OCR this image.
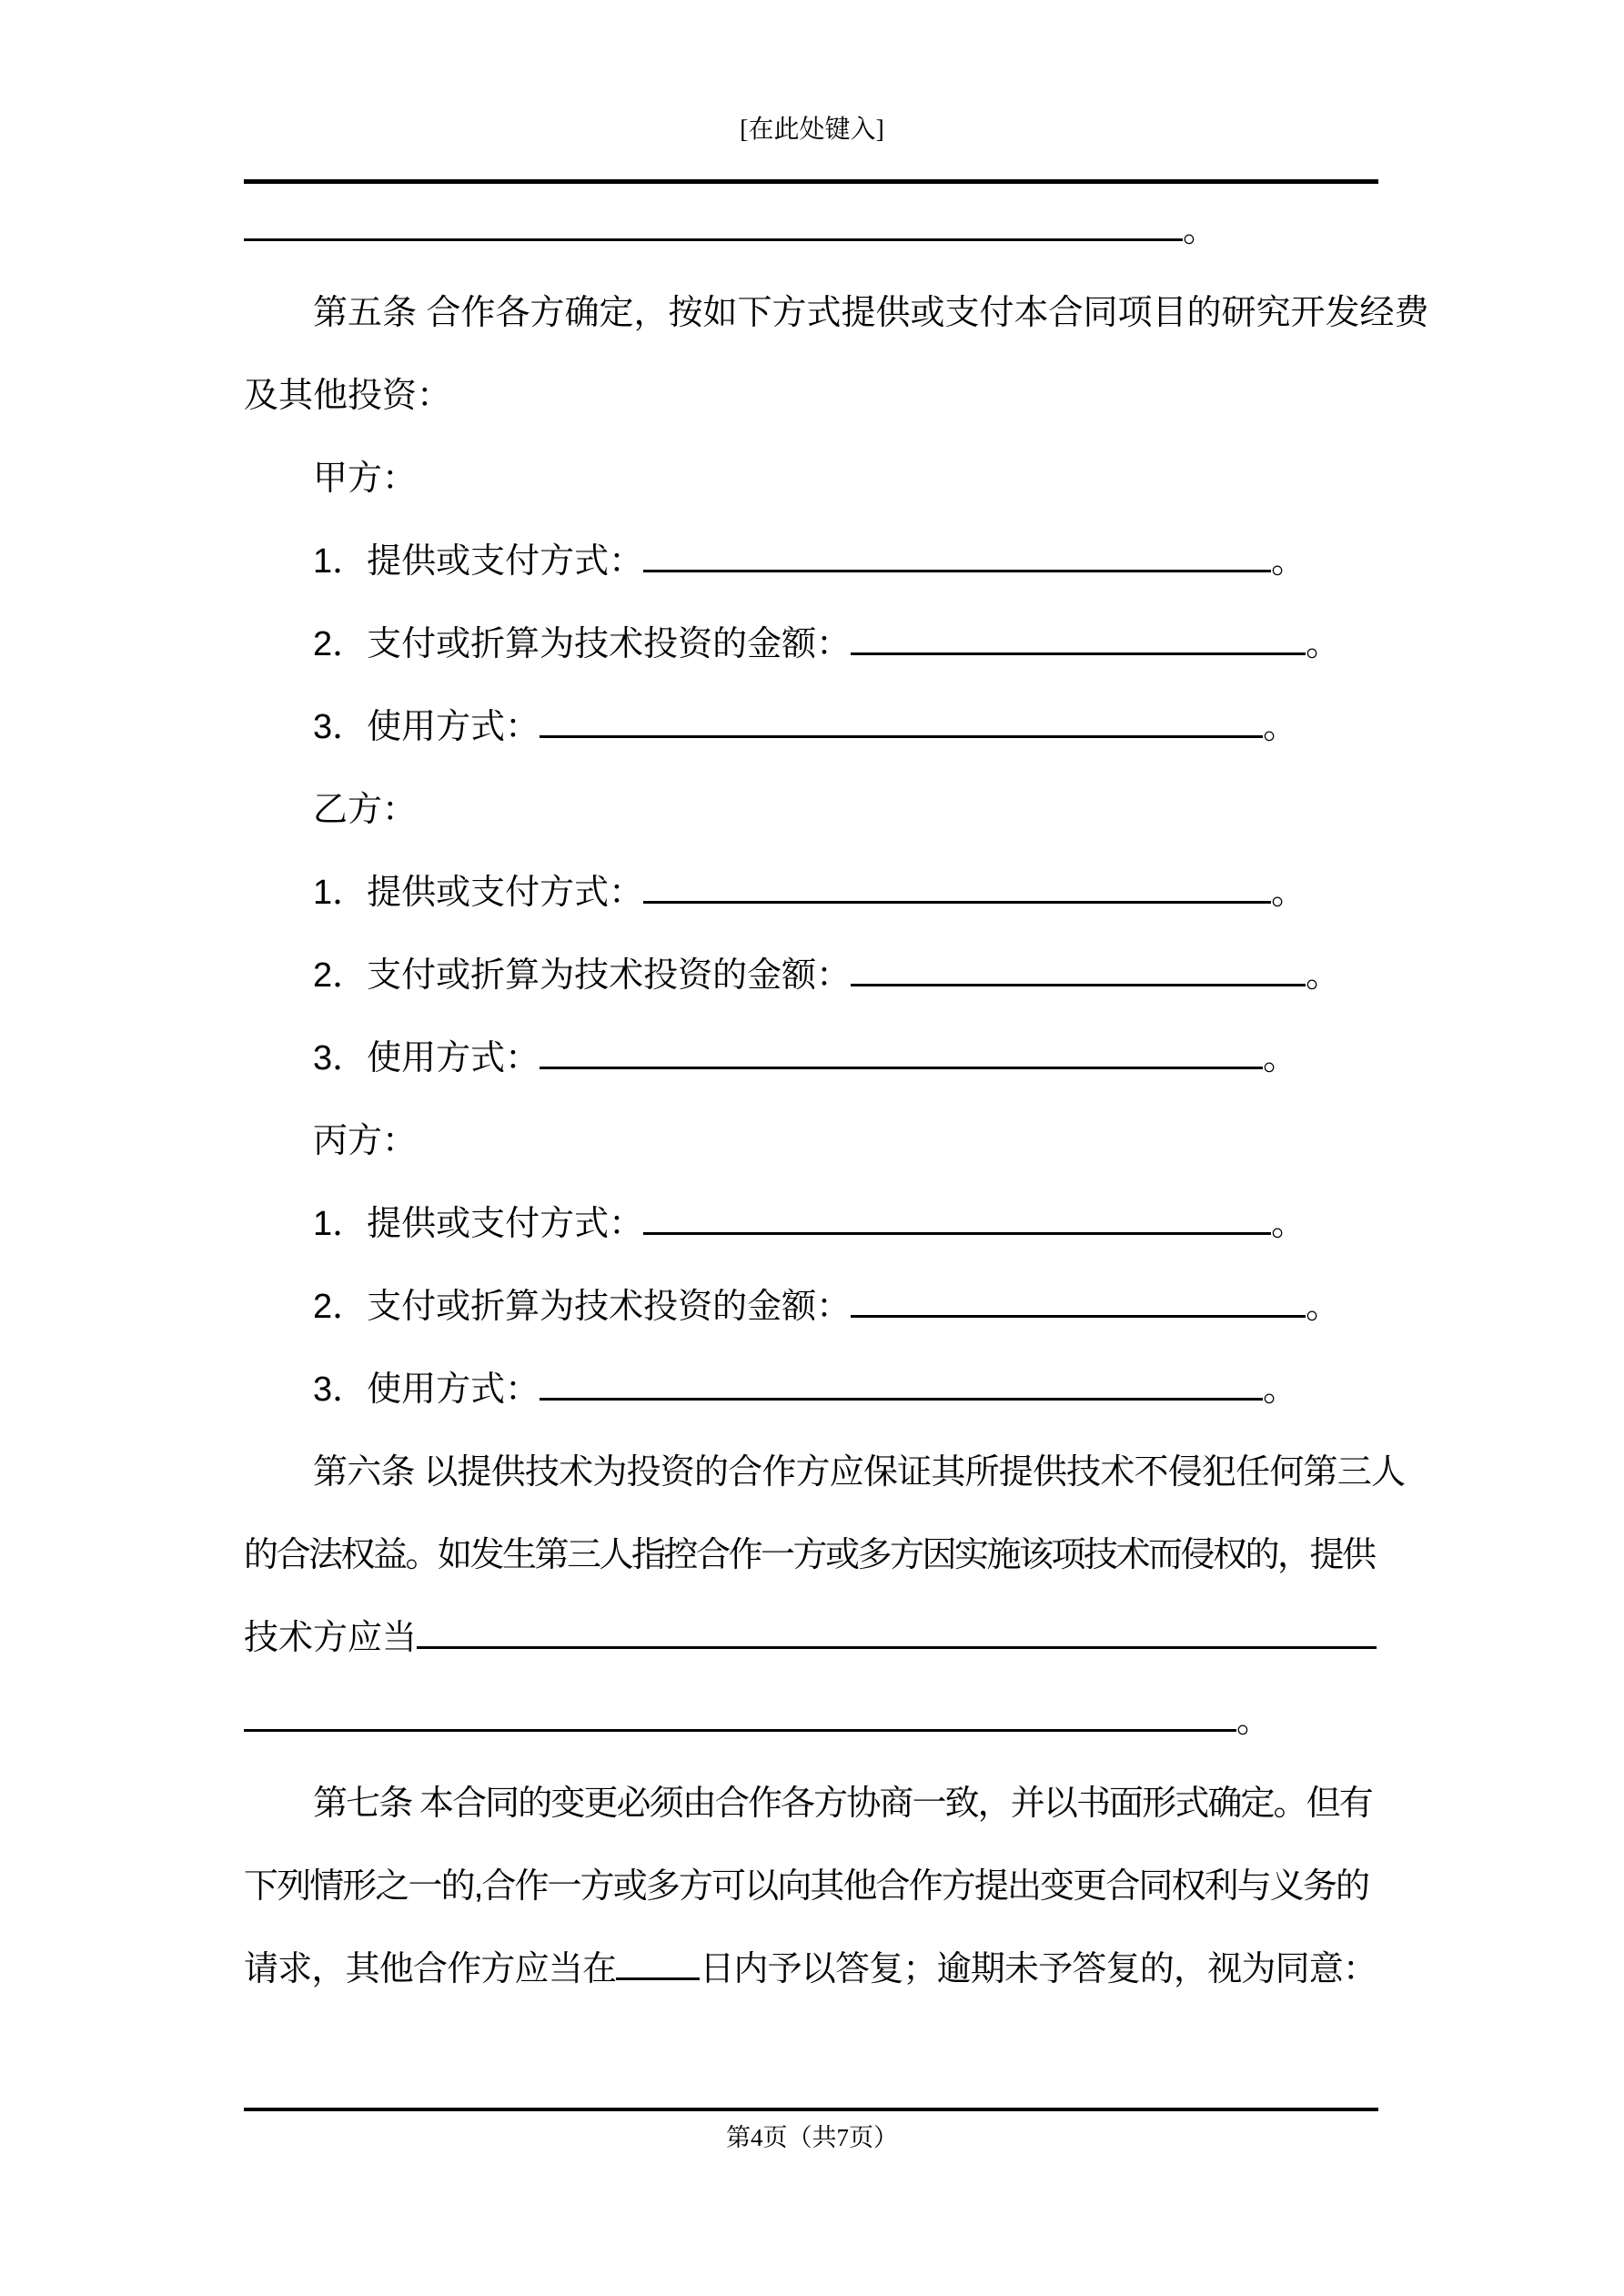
[在此处键入]
。
第五条 合作各方确定，按如下方式提供或支付本合同项目的研究开发经费
及其他投资：
甲方：
1．提供或支付方式：	。
2．支付或折算为技术投资的金额：	。
3．使用方式：	。
乙方：
1．提供或支付方式：	。
2．支付或折算为技术投资的金额：	。
3．使用方式：	。
丙方：
1．提供或支付方式：	。
2．支付或折算为技术投资的金额：	。
3．使用方式：	。
第六条 以提供技术为投资的合作方应保证其所提供技术不侵犯任何第三人
的合法权益。如发生第三人指控合作一方或多方因实施该项技术而侵权的，提供
技术方应当
。
第七条 本合同的变更必须由合作各方协商一致，并以书面形式确定。但有
下列情形之一的,合作一方或多方可以向其他合作方提出变更合同权利与义务的
请求，其他合作方应当在 日内予以答复；逾期未予答复的，视为同意：
第4页（共7页）
